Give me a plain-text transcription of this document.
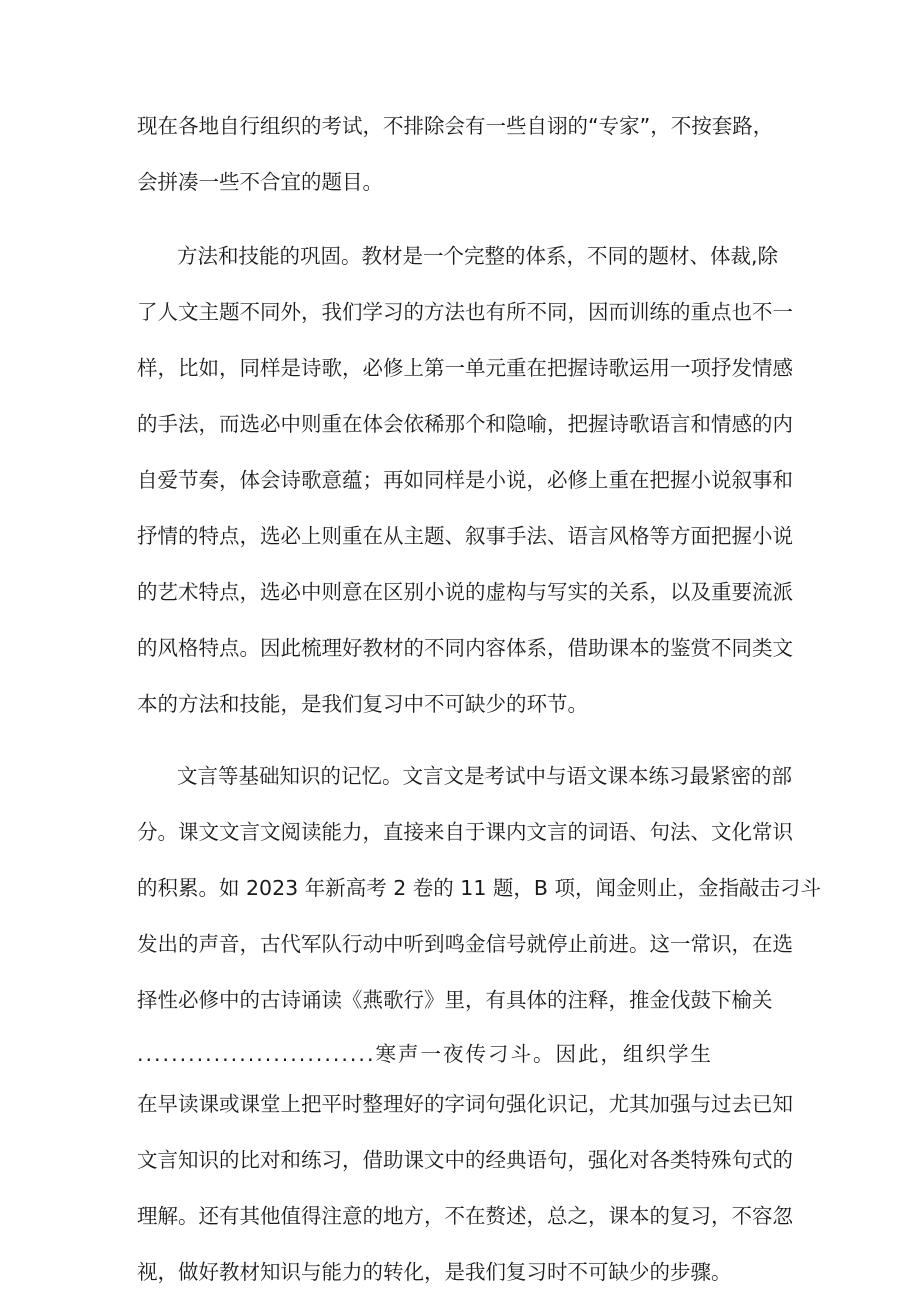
现在各地自行组织的考试，不排除会有一些自诩的“专家”，不按套路，
会拼凑一些不合宜的题目。
方法和技能的巩固。教材是一个完整的体系，不同的题材、体裁,除
了人文主题不同外，我们学习的方法也有所不同，因而训练的重点也不一
样，比如，同样是诗歌，必修上第一单元重在把握诗歌运用一项抒发情感
的手法，而选必中则重在体会依稀那个和隐喻，把握诗歌语言和情感的内
自爱节奏，体会诗歌意蕴；再如同样是小说，必修上重在把握小说叙事和
抒情的特点，选必上则重在从主题、叙事手法、语言风格等方面把握小说
的艺术特点，选必中则意在区别小说的虚构与写实的关系，以及重要流派
的风格特点。因此梳理好教材的不同内容体系，借助课本的鉴赏不同类文
本的方法和技能，是我们复习中不可缺少的环节。
文言等基础知识的记忆。文言文是考试中与语文课本练习最紧密的部
分。课文文言文阅读能力，直接来自于课内文言的词语、句法、文化常识
的积累。如 2023 年新高考 2 卷的 11 题，B 项，闻金则止，金指敲击刁斗
发出的声音，古代军队行动中听到鸣金信号就停止前进。这一常识，在选
择性必修中的古诗诵读《燕歌行》里，有具体的注释，推金伐鼓下榆关
............................寒声一夜传刁斗。因此，组织学生
在早读课或课堂上把平时整理好的字词句强化识记，尤其加强与过去已知
文言知识的比对和练习，借助课文中的经典语句，强化对各类特殊句式的
理解。还有其他值得注意的地方，不在赘述，总之，课本的复习，不容忽
视，做好教材知识与能力的转化，是我们复习时不可缺少的步骤。
